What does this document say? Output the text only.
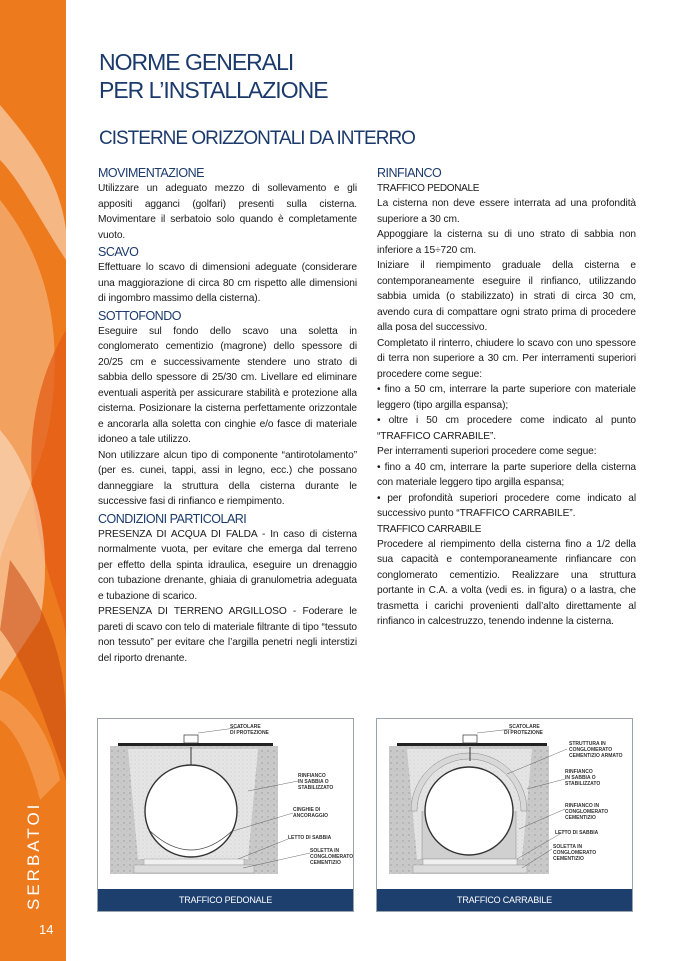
SERBATOI
14
NORME GENERALI
PER L’INSTALLAZIONE
CISTERNE ORIZZONTALI DA INTERRO
MOVIMENTAZIONE

Utilizzare un adeguato mezzo di sollevamento e gli appositi agganci (golfari) presenti sulla cisterna. Movimentare il serbatoio solo quando è completamente vuoto.

SCAVO

Effettuare lo scavo di dimensioni adeguate (considerare una maggiorazione di circa 80 cm rispetto alle dimensioni di ingombro massimo della cisterna).

SOTTOFONDO

Eseguire sul fondo dello scavo una soletta in conglomerato cementizio (magrone) dello spessore di 20/25 cm e successivamente stendere uno strato di sabbia dello spessore di 25/30 cm. Livellare ed eliminare eventuali asperità per assicurare stabilità e protezione alla cisterna. Posizionare la cisterna perfettamente orizzontale e ancorarla alla soletta con cinghie e/o fasce di materiale idoneo a tale utilizzo.

Non utilizzare alcun tipo di componente “antirotolamento” (per es. cunei, tappi, assi in legno, ecc.) che possano danneggiare la struttura della cisterna durante le successive fasi di rinfianco e riempimento.

CONDIZIONI PARTICOLARI

PRESENZA DI ACQUA DI FALDA - In caso di cisterna normalmente vuota, per evitare che emerga dal terreno per effetto della spinta idraulica, eseguire un drenaggio con tubazione drenante, ghiaia di granulometria adeguata e tubazione di scarico.

PRESENZA DI TERRENO ARGILLOSO - Foderare le pareti di scavo con telo di materiale filtrante di tipo “tessuto non tessuto” per evitare che l’argilla penetri negli interstizi del riporto drenante.

RINFIANCO
TRAFFICO PEDONALE

La cisterna non deve essere interrata ad una profondità superiore a 30 cm.

Appoggiare la cisterna su di uno strato di sabbia non inferiore a 15÷720 cm.

Iniziare il riempimento graduale della cisterna e contemporaneamente eseguire il rinfianco, utilizzando sabbia umida (o stabilizzato) in strati di circa 30 cm, avendo cura di compattare ogni strato prima di procedere alla posa del successivo.

Completato il rinterro, chiudere lo scavo con uno spessore di terra non superiore a 30 cm. Per interramenti superiori procedere come segue:

• fino a 50 cm, interrare la parte superiore con materiale leggero (tipo argilla espansa);

• oltre i 50 cm procedere come indicato al punto “TRAFFICO CARRABILE”.

Per interramenti superiori procedere come segue:

• fino a 40 cm, interrare la parte superiore della cisterna con materiale leggero tipo argilla espansa;

• per profondità superiori procedere come indicato al successivo punto “TRAFFICO CARRABILE”.

TRAFFICO CARRABILE

Procedere al riempimento della cisterna fino a 1/2 della sua capacità e contemporaneamente rinfiancare con conglomerato cementizio. Realizzare una struttura portante in C.A. a volta (vedi es. in figura) o a lastra, che trasmetta i carichi provenienti dall’alto direttamente al rinfianco in calcestruzzo, tenendo indenne la cisterna.

SCATOLARE
DI PROTEZIONE
RINFIANCO
IN SABBIA O
STABILIZZATO
CINGHIE DI
ANCORAGGIO
LETTO DI SABBIA
SOLETTA IN
CONGLOMERATO
CEMENTIZIO
TRAFFICO PEDONALE
SCATOLARE
DI PROTEZIONE
STRUTTURA IN
CONGLOMERATO
CEMENTIZIO ARMATO
RINFIANCO
IN SABBIA O
STABILIZZATO
RINFIANCO IN
CONGLOMERATO
CEMENTIZIO
LETTO DI SABBIA
SOLETTA IN
CONGLOMERATO
CEMENTIZIO
TRAFFICO CARRABILE
